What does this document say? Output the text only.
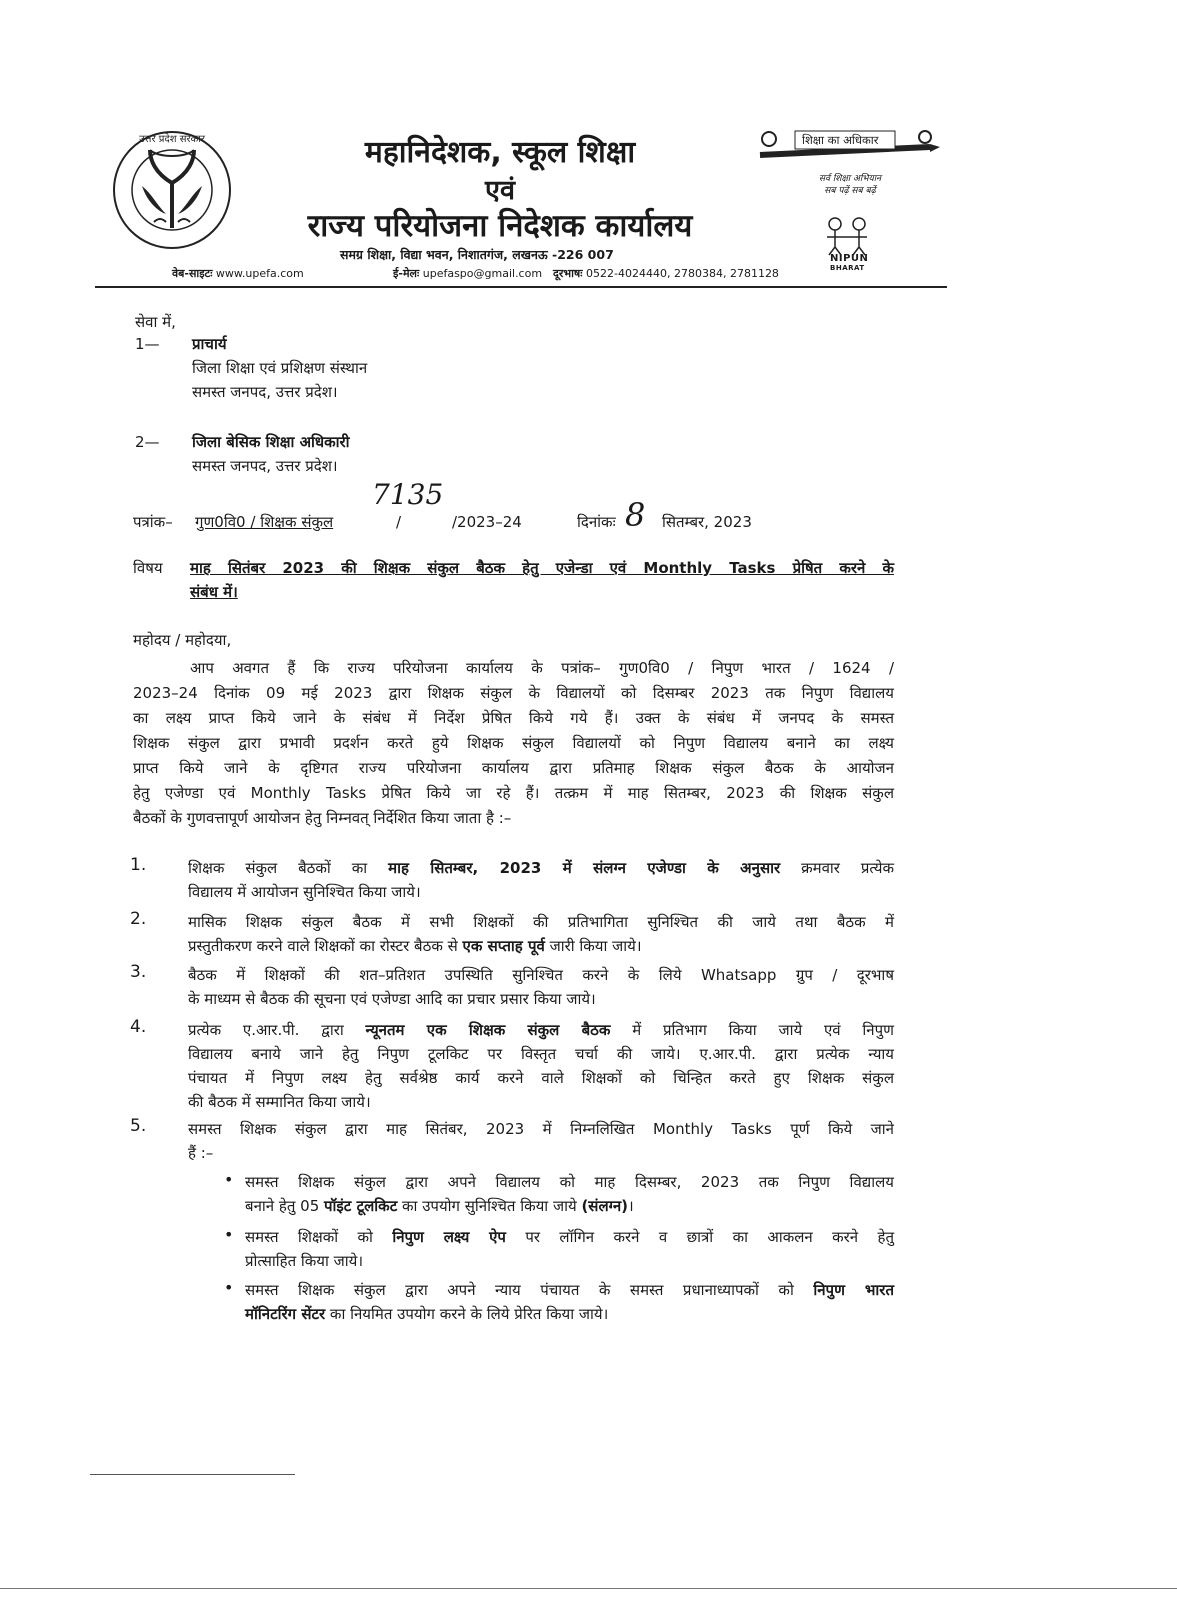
उत्तर प्रदेश सरकार	महानिदेशक, स्कूल शिक्षा
एवं
राज्य परियोजना निदेशक कार्यालय
समग्र शिक्षा, विद्या भवन, निशातगंज, लखनऊ -226 007
वेब-साइटः www.upefa.com	ई-मेलः upefaspo@gmail.com दूरभाषः 0522-4024440, 2780384, 2781128
शिक्षा का अधिकार
सर्व शिक्षा अभियान
सब पढ़ें सब बढ़ें
NIPUN
BHARAT
सेवा में,
1— प्राचार्य
जिला शिक्षा एवं प्रशिक्षण संस्थान
समस्त जनपद, उत्तर प्रदेश।
2— जिला बेसिक शिक्षा अधिकारी
समस्त जनपद, उत्तर प्रदेश।
पत्रांक– गुण0वि0 / शिक्षक संकुल	/
7135
/2023–24	दिनांकः 8 सितम्बर, 2023
विषय माह सितंबर 2023 की शिक्षक संकुल बैठक हेतु एजेन्डा एवं Monthly Tasks प्रेषित करने के
संबंध में।
महोदय / महोदया,
आप अवगत हैं कि राज्य परियोजना कार्यालय के पत्रांक– गुण0वि0 / निपुण भारत / 1624 /
2023–24 दिनांक 09 मई 2023 द्वारा शिक्षक संकुल के विद्यालयों को दिसम्बर 2023 तक निपुण विद्यालय
का लक्ष्य प्राप्त किये जाने के संबंध में निर्देश प्रेषित किये गये हैं। उक्त के संबंध में जनपद के समस्त
शिक्षक संकुल द्वारा प्रभावी प्रदर्शन करते हुये शिक्षक संकुल विद्यालयों को निपुण विद्यालय बनाने का लक्ष्य
प्राप्त किये जाने के दृष्टिगत राज्य परियोजना कार्यालय द्वारा प्रतिमाह शिक्षक संकुल बैठक के आयोजन
हेतु एजेण्डा एवं Monthly Tasks प्रेषित किये जा रहे हैं। तत्क्रम में माह सितम्बर, 2023 की शिक्षक संकुल
बैठकों के गुणवत्तापूर्ण आयोजन हेतु निम्नवत् निर्देशित किया जाता है :–
1.	शिक्षक संकुल बैठकों का माह सितम्बर, 2023 में संलग्न एजेण्डा के अनुसार क्रमवार प्रत्येक
विद्यालय में आयोजन सुनिश्चित किया जाये।
2.	मासिक शिक्षक संकुल बैठक में सभी शिक्षकों की प्रतिभागिता सुनिश्चित की जाये तथा बैठक में
प्रस्तुतीकरण करने वाले शिक्षकों का रोस्टर बैठक से एक सप्ताह पूर्व जारी किया जाये।
3.	बैठक में शिक्षकों की शत–प्रतिशत उपस्थिति सुनिश्चित करने के लिये Whatsapp ग्रुप / दूरभाष
के माध्यम से बैठक की सूचना एवं एजेण्डा आदि का प्रचार प्रसार किया जाये।
4.	प्रत्येक ए.आर.पी. द्वारा न्यूनतम एक शिक्षक संकुल बैठक में प्रतिभाग किया जाये एवं निपुण
विद्यालय बनाये जाने हेतु निपुण टूलकिट पर विस्तृत चर्चा की जाये। ए.आर.पी. द्वारा प्रत्येक न्याय
पंचायत में निपुण लक्ष्य हेतु सर्वश्रेष्ठ कार्य करने वाले शिक्षकों को चिन्हित करते हुए शिक्षक संकुल
की बैठक में सम्मानित किया जाये।
5.	समस्त शिक्षक संकुल द्वारा माह सितंबर, 2023 में निम्नलिखित Monthly Tasks पूर्ण किये जाने
हैं :–
• समस्त शिक्षक संकुल द्वारा अपने विद्यालय को माह दिसम्बर, 2023 तक निपुण विद्यालय
बनाने हेतु 05 पॉइंट टूलकिट का उपयोग सुनिश्चित किया जाये (संलग्न)।
• समस्त शिक्षकों को निपुण लक्ष्य ऐप पर लॉगिन करने व छात्रों का आकलन करने हेतु
प्रोत्साहित किया जाये।
• समस्त शिक्षक संकुल द्वारा अपने न्याय पंचायत के समस्त प्रधानाध्यापकों को निपुण भारत
मॉनिटरिंग सेंटर का नियमित उपयोग करने के लिये प्रेरित किया जाये।
